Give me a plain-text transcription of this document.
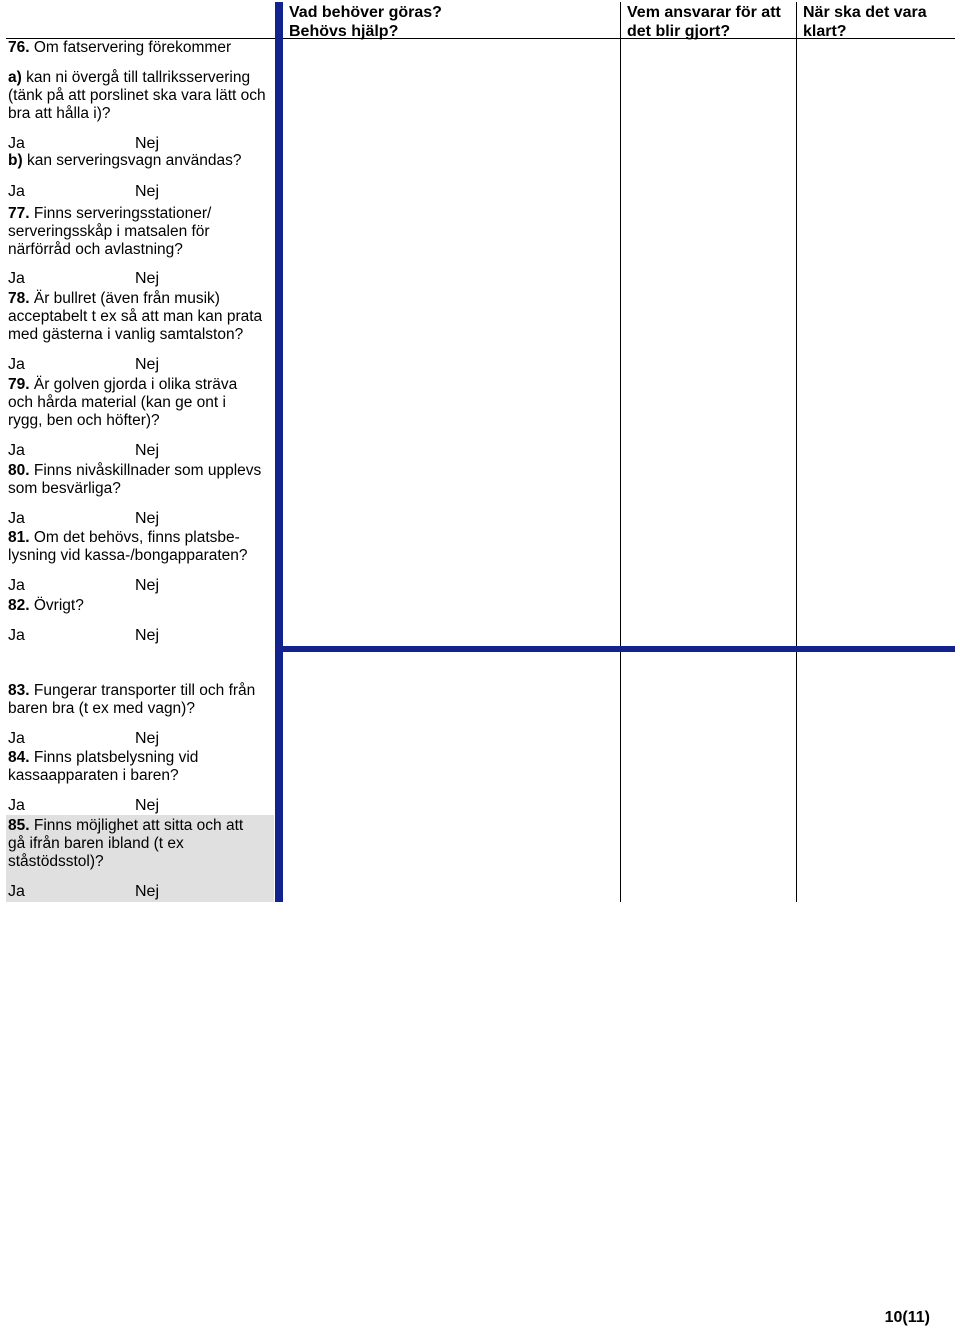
Vad behöver göras? Behövs hjälp?
Vem ansvarar för att det blir gjort?
När ska det vara klart?
76. Om fatservering förekommer
a) kan ni övergå till tallriksservering (tänk på att porslinet ska vara lätt och bra att hålla i)?
Ja	Nej
b) kan serveringsvagn användas?
Ja	Nej
77. Finns serveringsstationer/ serveringsskåp i matsalen för närförråd och avlastning?
Ja	Nej
78. Är bullret (även från musik) acceptabelt t ex så att man kan prata med gästerna i vanlig samtalston?
Ja	Nej
79. Är golven gjorda i olika sträva och hårda material (kan ge ont i rygg, ben och höfter)?
Ja	Nej
80. Finns nivåskillnader som upplevs som besvärliga?
Ja	Nej
81. Om det behövs, finns platsbe- lysning vid kassa-/bongapparaten?
Ja	Nej
82. Övrigt?
Ja	Nej
83. Fungerar transporter till och från baren bra (t ex med vagn)?
Ja	Nej
84. Finns platsbelysning vid kassaapparaten i baren?
Ja	Nej
85. Finns möjlighet att sitta och att gå ifrån baren ibland (t ex ståstödsstol)?
Ja	Nej
10(11)
